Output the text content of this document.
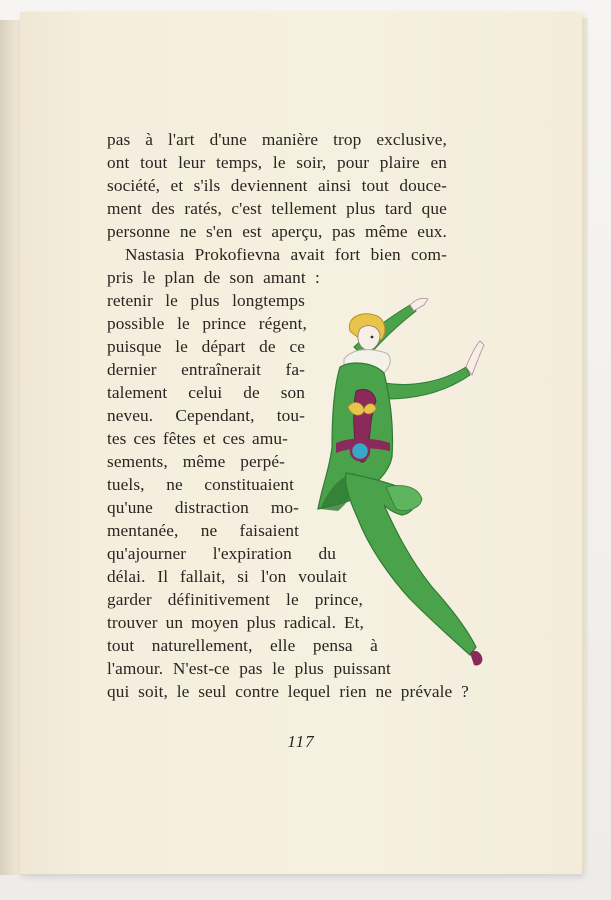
pas à l'art d'une manière trop exclusive,
ont tout leur temps, le soir, pour plaire en
société, et s'ils deviennent ainsi tout douce-
ment des ratés, c'est tellement plus tard que
personne ne s'en est aperçu, pas même eux.
Nastasia Prokofievna avait fort bien com-
pris le plan de son amant :
retenir le plus longtemps
possible le prince régent,
puisque le départ de ce
dernier entraînerait fa-
talement celui de son
neveu. Cependant, tou-
tes ces fêtes et ces amu-
sements, même perpé-
tuels, ne constituaient
qu'une distraction mo-
mentanée, ne faisaient
qu'ajourner l'expiration du
délai. Il fallait, si l'on voulait
garder définitivement le prince,
trouver un moyen plus radical. Et,
tout naturellement, elle pensa à
l'amour. N'est-ce pas le plus puissant
qui soit, le seul contre lequel rien ne prévale ?
117
